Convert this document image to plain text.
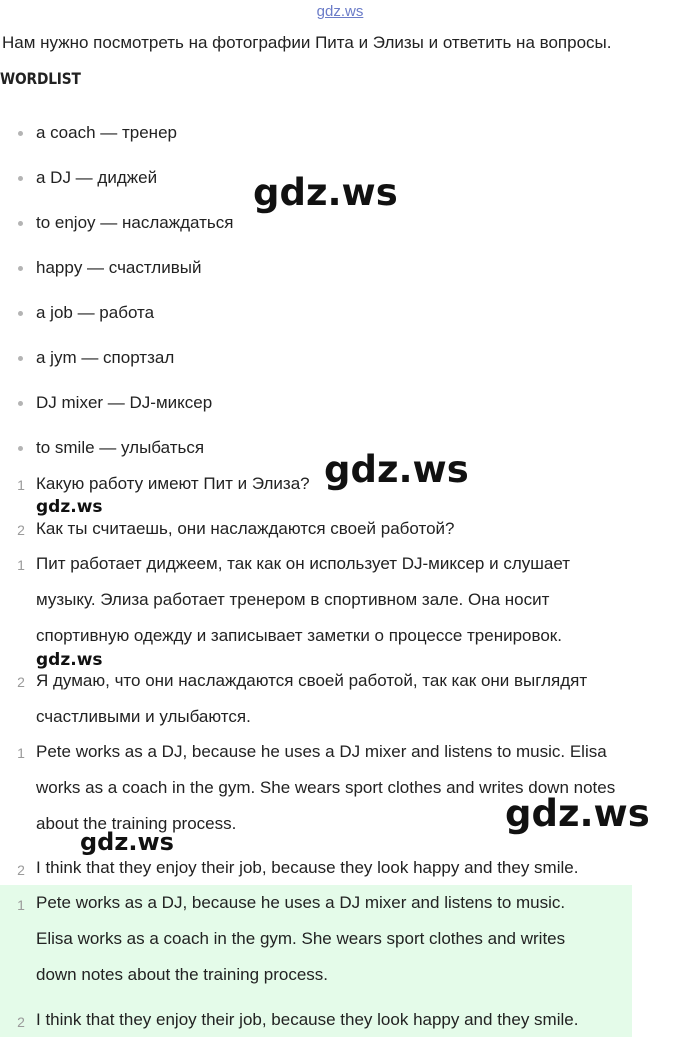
gdz.ws
Нам нужно посмотреть на фотографии Пита и Элизы и ответить на вопросы.
WORDLIST
a coach — тренер
a DJ — диджей
to enjoy — наслаждаться
happy — счастливый
a job — работа
a jym — спортзал
DJ mixer — DJ-миксер
to smile — улыбаться
1 Какую работу имеют Пит и Элиза?
2 Как ты считаешь, они наслаждаются своей работой?
1 Пит работает диджеем, так как он использует DJ-миксер и слушает
музыку. Элиза работает тренером в спортивном зале. Она носит
спортивную одежду и записывает заметки о процессе тренировок.
2 Я думаю, что они наслаждаются своей работой, так как они выглядят
счастливыми и улыбаются.
1 Pete works as a DJ, because he uses a DJ mixer and listens to music. Elisa
works as a coach in the gym. She wears sport clothes and writes down notes
about the training process.
2 I think that they enjoy their job, because they look happy and they smile.
1 Pete works as a DJ, because he uses a DJ mixer and listens to music.
Elisa works as a coach in the gym. She wears sport clothes and writes
down notes about the training process.
2 I think that they enjoy their job, because they look happy and they smile.
gdz.ws
gdz.ws
gdz.ws
gdz.ws
gdz.ws
gdz.ws
